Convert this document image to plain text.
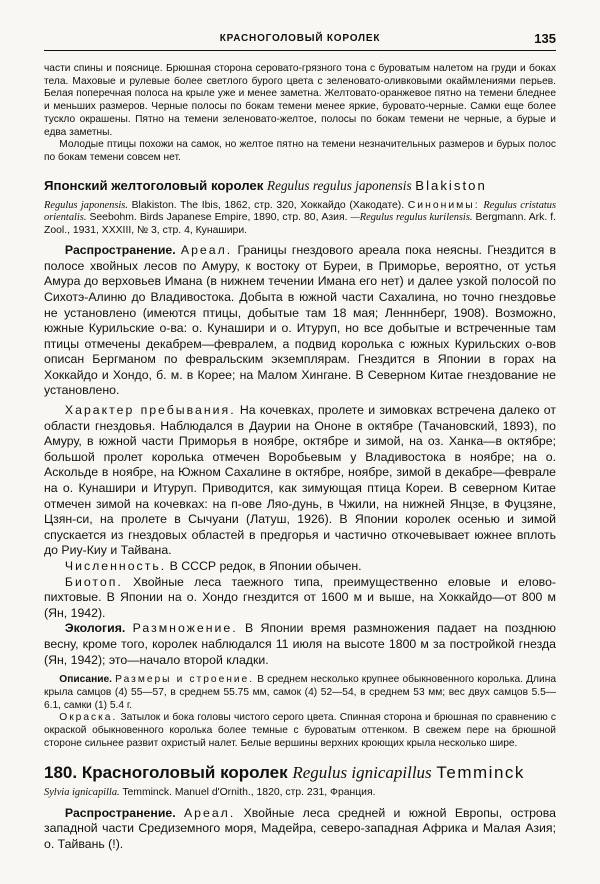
КРАСНОГОЛОВЫЙ КОРОЛЕК	135

части спины и пояснице. Брюшная сторона серовато-грязного тона с буроватым налетом на груди и боках тела. Маховые и рулевые более светлого бурого цвета с зеленовато-оливковыми окаймлениями перьев. Белая поперечная полоса на крыле уже и менее заметна. Желтовато-оранжевое пятно на темени бледнее и меньших размеров. Черные полосы по бокам темени менее яркие, буровато-черные. Самки еще более тускло окрашены. Пятно на темени зеленовато-желтое, полосы по бокам темени не черные, а бурые и едва заметны.

Молодые птицы похожи на самок, но желтое пятно на темени незначительных размеров и бурых полос по бокам темени совсем нет.

Японский желтоголовый королек Regulus regulus japonensis Blakiston

Regulus japonensis. Blakiston. The Ibis, 1862, стр. 320, Хоккайдо (Хакодате). Синонимы: Regulus cristatus orientalis. Seebohm. Birds Japanese Empire, 1890, стр. 80, Азия. —Regulus regulus kurilensis. Bergmann. Ark. f. Zool., 1931, XXXIII, № 3, стр. 4, Кунашири.

Распространение. Ареал. Границы гнездового ареала пока неясны. Гнездится в полосе хвойных лесов по Амуру, к востоку от Буреи, в Приморье, вероятно, от устья Амура до верховьев Имана (в нижнем течении Имана его нет) и далее узкой полосой по Сихотэ-Алиню до Владивостока. Добыта в южной части Сахалина, но точно гнездовье не установлено (имеются птицы, добытые там 18 мая; Ленннберг, 1908). Возможно, южные Курильские о-ва: о. Кунашири и о. Итуруп, но все добытые и встреченные там птицы отмечены декабрем—февралем, а подвид королька с южных Курильских о-вов описан Бергманом по февральским экземплярам. Гнездится в Японии в горах на Хоккайдо и Хондо, б. м. в Корее; на Малом Хингане. В Северном Китае гнездование не установлено.

Характер пребывания. На кочевках, пролете и зимовках встречена далеко от области гнездовья. Наблюдался в Даурии на Ононе в октябре (Тачановский, 1893), по Амуру, в южной части Приморья в ноябре, октябре и зимой, на оз. Ханка—в октябре; большой пролет королька отмечен Воробьевым у Владивостока в ноябре; на о. Аскольде в ноябре, на Южном Сахалине в октябре, ноябре, зимой в декабре—феврале на о. Кунашири и Итуруп. Приводится, как зимующая птица Кореи. В северном Китае отмечен зимой на кочевках: на п-ове Ляо-дунь, в Чжили, на нижней Янцзе, в Фуцзяне, Цзян-си, на пролете в Сычуани (Латуш, 1926). В Японии королек осенью и зимой спускается из гнездовых областей в предгорья и частично откочевывает южнее вплоть до Риу-Киу и Тайвана.

Численность. В СССР редок, в Японии обычен.

Биотоп. Хвойные леса таежного типа, преимущественно еловые и елово-пихтовые. В Японии на о. Хондо гнездится от 1600 м и выше, на Хоккайдо—от 800 м (Ян, 1942).

Экология. Размножение. В Японии время размножения падает на позднюю весну, кроме того, королек наблюдался 11 июля на высоте 1800 м за постройкой гнезда (Ян, 1942); это—начало второй кладки.

Описание. Размеры и строение. В среднем несколько крупнее обыкновенного королька. Длина крыла самцов (4) 55—57, в среднем 55.75 мм, самок (4) 52—54, в среднем 53 мм; вес двух самцов 5.5—6.1, самки (1) 5.4 г.

Окраска. Затылок и бока головы чистого серого цвета. Спинная сторона и брюшная по сравнению с окраской обыкновенного королька более темные с буроватым оттенком. В свежем пере на брюшной стороне сильнее развит охристый налет. Белые вершины верхних кроющих крыла несколько шире.

180. Красноголовый королек Regulus ignicapillus Temminck

Sylvia ignicapilla. Temminck. Manuel d'Ornith., 1820, стр. 231, Франция.

Распространение. Ареал. Хвойные леса средней и южной Европы, острова западной части Средиземного моря, Мадейра, северо-западная Африка и Малая Азия; о. Тайвань (!).
